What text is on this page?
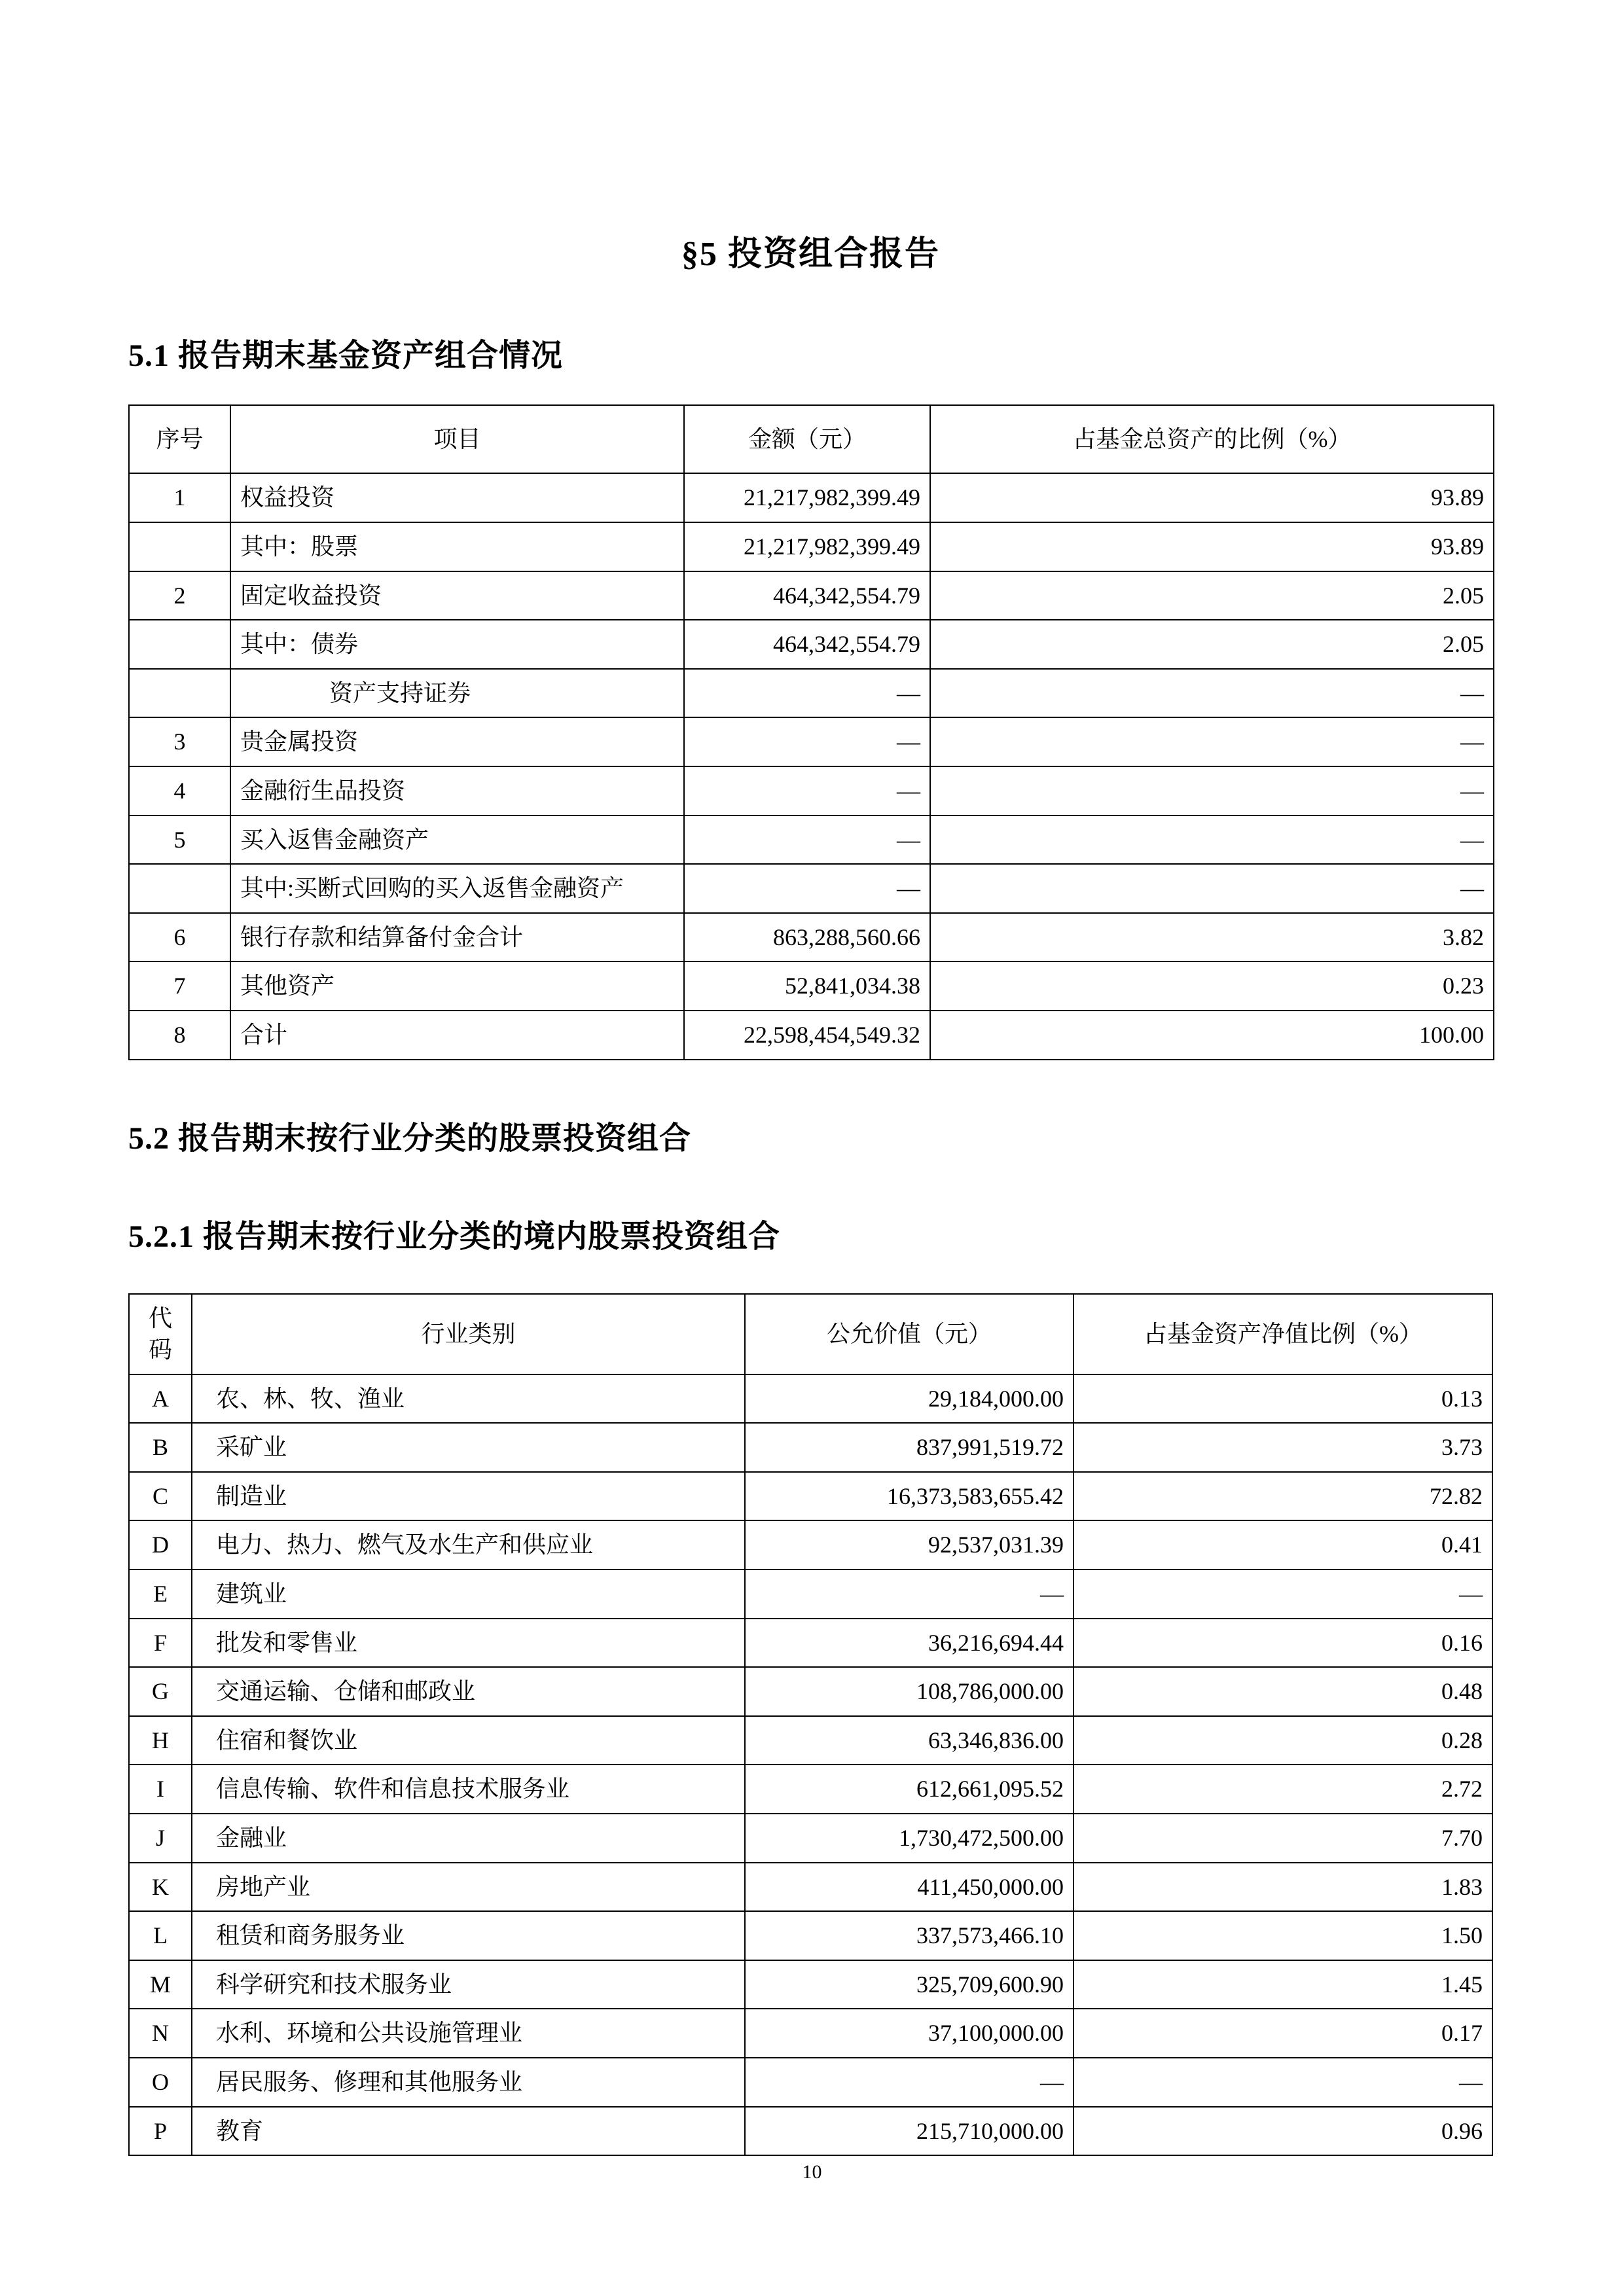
§5 投资组合报告
5.1 报告期末基金资产组合情况
序号	项目	金额（元）	占基金总资产的比例（%）
1	权益投资	21,217,982,399.49	93.89
	其中：股票	21,217,982,399.49	93.89
2	固定收益投资	464,342,554.79	2.05
	其中：债券	464,342,554.79	2.05
	资产支持证券	—	—
3	贵金属投资	—	—
4	金融衍生品投资	—	—
5	买入返售金融资产	—	—
	其中:买断式回购的买入返售金融资产	—	—
6	银行存款和结算备付金合计	863,288,560.66	3.82
7	其他资产	52,841,034.38	0.23
8	合计	22,598,454,549.32	100.00
5.2 报告期末按行业分类的股票投资组合
5.2.1 报告期末按行业分类的境内股票投资组合
代码	行业类别	公允价值（元）	占基金资产净值比例（%）
A	农、林、牧、渔业	29,184,000.00	0.13
B	采矿业	837,991,519.72	3.73
C	制造业	16,373,583,655.42	72.82
D	电力、热力、燃气及水生产和供应业	92,537,031.39	0.41
E	建筑业	—	—
F	批发和零售业	36,216,694.44	0.16
G	交通运输、仓储和邮政业	108,786,000.00	0.48
H	住宿和餐饮业	63,346,836.00	0.28
I	信息传输、软件和信息技术服务业	612,661,095.52	2.72
J	金融业	1,730,472,500.00	7.70
K	房地产业	411,450,000.00	1.83
L	租赁和商务服务业	337,573,466.10	1.50
M	科学研究和技术服务业	325,709,600.90	1.45
N	水利、环境和公共设施管理业	37,100,000.00	0.17
O	居民服务、修理和其他服务业	—	—
P	教育	215,710,000.00	0.96
10
